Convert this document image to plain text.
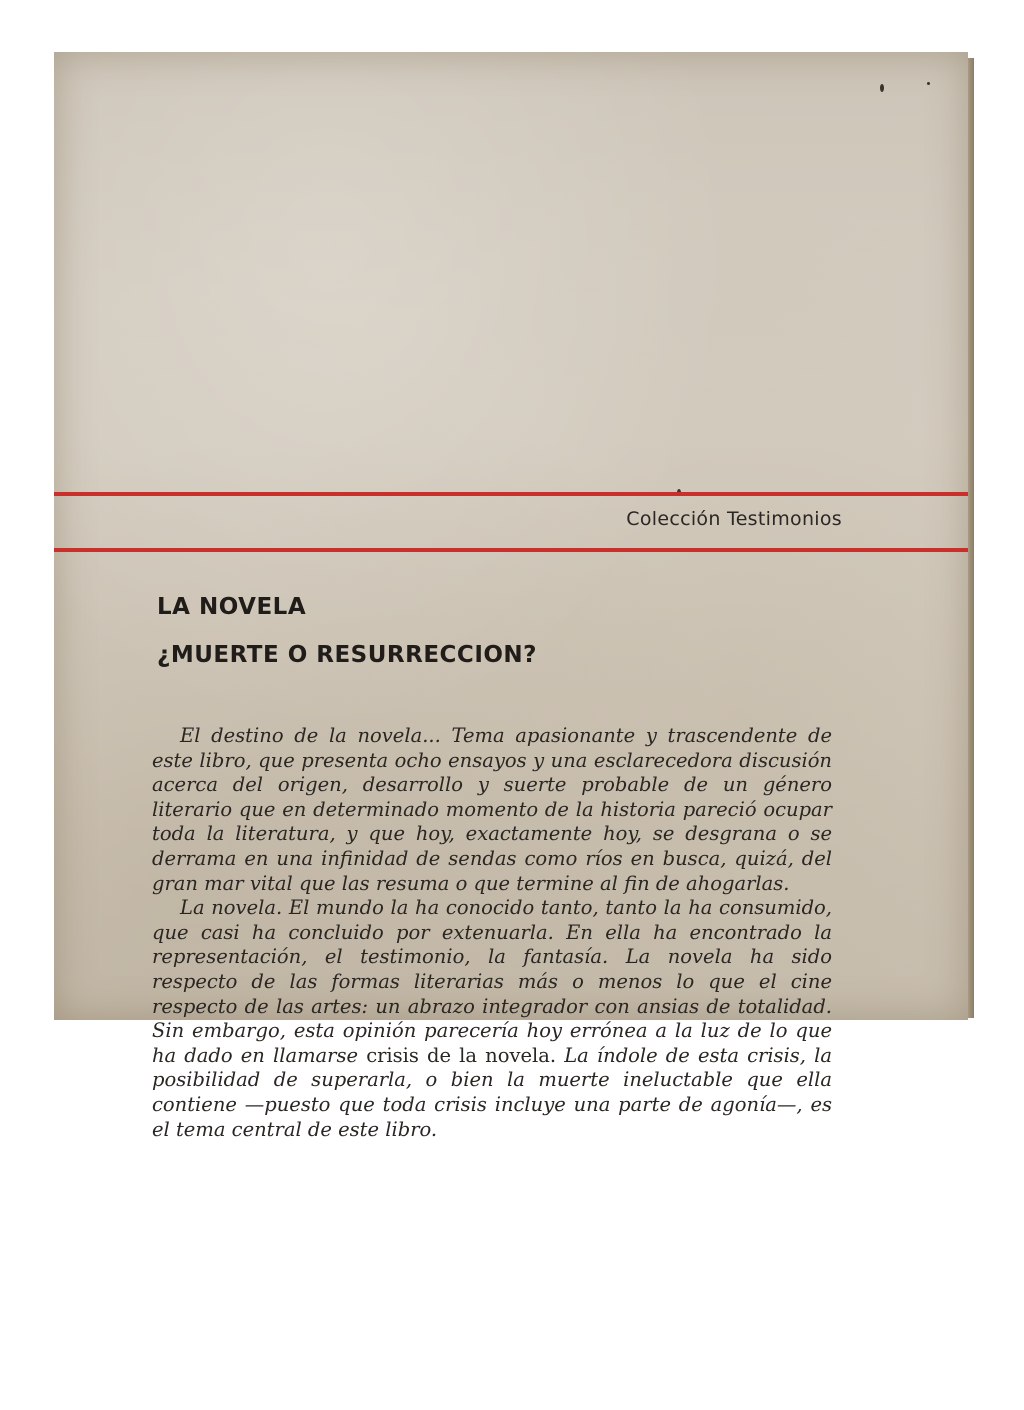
Colección Testimonios
LA NOVELA
¿MUERTE O RESURRECCION?

El destino de la novela... Tema apasionante y trascendente de este libro, que presenta ocho ensayos y una esclarecedora discusión acerca del origen, desarrollo y suerte probable de un género literario que en determinado momento de la historia pareció ocupar toda la literatura, y que hoy, exactamente hoy, se desgrana o se derrama en una infinidad de sendas como ríos en busca, quizá, del gran mar vital que las resuma o que termine al fin de ahogarlas.

La novela. El mundo la ha conocido tanto, tanto la ha consumido, que casi ha concluido por extenuarla. En ella ha encontrado la representación, el testimonio, la fantasía. La novela ha sido respecto de las formas literarias más o menos lo que el cine respecto de las artes: un abrazo integrador con ansias de totalidad. Sin embargo, esta opinión parecería hoy errónea a la luz de lo que ha dado en llamarse crisis de la novela. La índole de esta crisis, la posibilidad de superarla, o bien la muerte ineluctable que ella contiene —puesto que toda crisis incluye una parte de agonía—, es el tema central de este libro.
